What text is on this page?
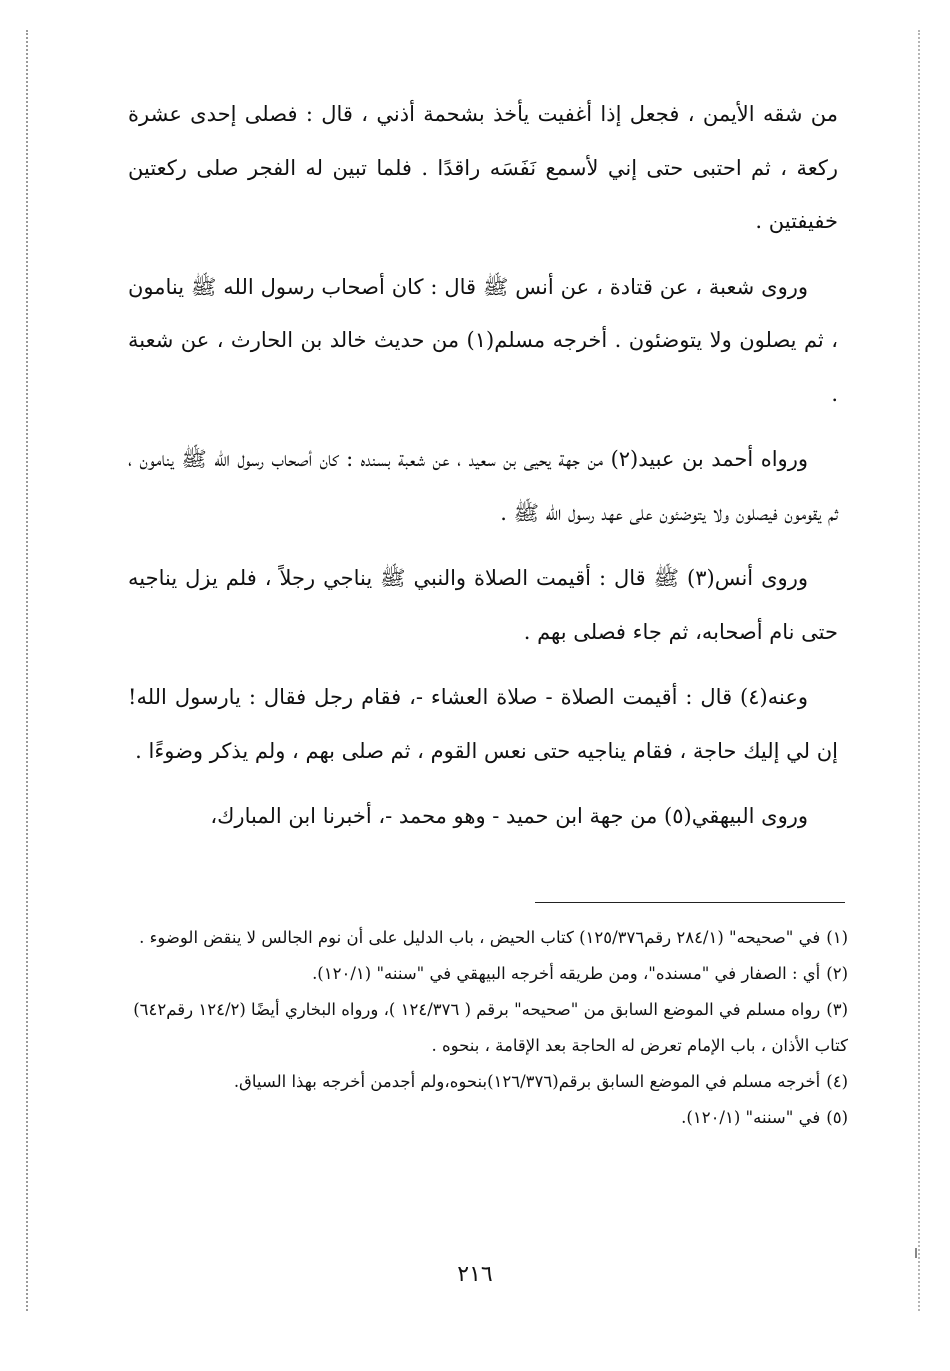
من شقه الأيمن ، فجعل إذا أغفيت يأخذ بشحمة أذني ، قال : فصلى إحدى عشرة ركعة ، ثم احتبى حتى إني لأسمع نَفَسَه راقدًا . فلما تبين له الفجر صلى ركعتين خفيفتين .

وروى شعبة ، عن قتادة ، عن أنس ﷺ قال : كان أصحاب رسول الله ﷺ ينامون ، ثم يصلون ولا يتوضئون . أخرجه مسلم(١) من حديث خالد بن الحارث ، عن شعبة .

ورواه أحمد بن عبيد(٢) من جهة يحيى بن سعيد ، عن شعبة بسنده : كان أصحاب رسول الله ﷺ ينامون ، ثم يقومون فيصلون ولا يتوضئون على عهد رسول الله ﷺ .

وروى أنس(٣) ﷺ قال : أقيمت الصلاة والنبي ﷺ يناجي رجلاً ، فلم يزل يناجيه حتى نام أصحابه، ثم جاء فصلى بهم .

وعنه(٤) قال : أقيمت الصلاة - صلاة العشاء -، فقام رجل فقال : يارسول الله! إن لي إليك حاجة ، فقام يناجيه حتى نعس القوم ، ثم صلى بهم ، ولم يذكر وضوءًا .

وروى البيهقي(٥) من جهة ابن حميد - وهو محمد -، أخبرنا ابن المبارك،

(١)في "صحيحه" (٢٨٤/١ رقم١٢٥/٣٧٦) كتاب الحيض ، باب الدليل على أن نوم الجالس لا ينقض الوضوء .

(٢)أي : الصفار في "مسنده"، ومن طريقه أخرجه البيهقي في "سننه" (١٢٠/١).

(٣)رواه مسلم في الموضع السابق من "صحيحه" برقم ( ١٢٤/٣٧٦ )، ورواه البخاري أيضًا (١٢٤/٢ رقم٦٤٢) كتاب الأذان ، باب الإمام تعرض له الحاجة بعد الإقامة ، بنحوه .

(٤)أخرجه مسلم في الموضع السابق برقم(١٢٦/٣٧٦)بنحوه،ولم أجدمن أخرجه بهذا السياق.

(٥)في "سننه" (١٢٠/١).

٢١٦
